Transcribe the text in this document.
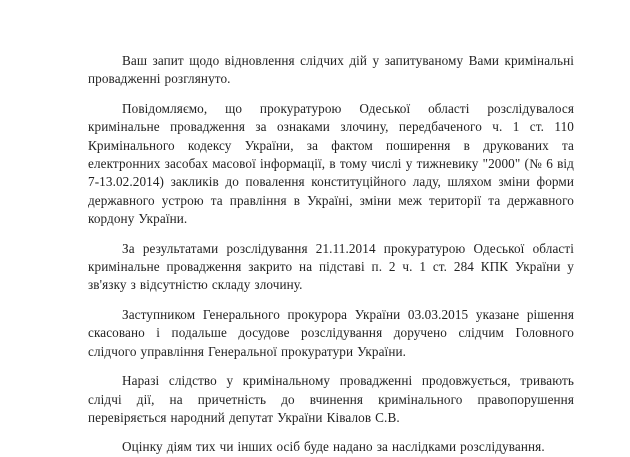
Ваш запит щодо відновлення слідчих дій у запитуваному Вами кримінальні провадженні розглянуто.

Повідомляємо, що прокуратурою Одеської області розслідувалося кримінальне провадження за ознаками злочину, передбаченого ч. 1 ст. 110 Кримінального кодексу України, за фактом поширення в друкованих та електронних засобах масової інформації, в тому числі у тижневику "2000" (№ 6 від 7-13.02.2014) закликів до повалення конституційного ладу, шляхом зміни форми державного устрою та правління в Україні, зміни меж території та державного кордону України.

За результатами розслідування 21.11.2014 прокуратурою Одеської області кримінальне провадження закрито на підставі п. 2 ч. 1 ст. 284 КПК України у зв'язку з відсутністю складу злочину.

Заступником Генерального прокурора України 03.03.2015 указане рішення скасовано і подальше досудове розслідування доручено слідчим Головного слідчого управління Генеральної прокуратури України.

Наразі слідство у кримінальному провадженні продовжується, тривають слідчі дії, на причетність до вчинення кримінального правопорушення перевіряється народний депутат України Ківалов С.В.

Оцінку діям тих чи інших осіб буде надано за наслідками розслідування.
